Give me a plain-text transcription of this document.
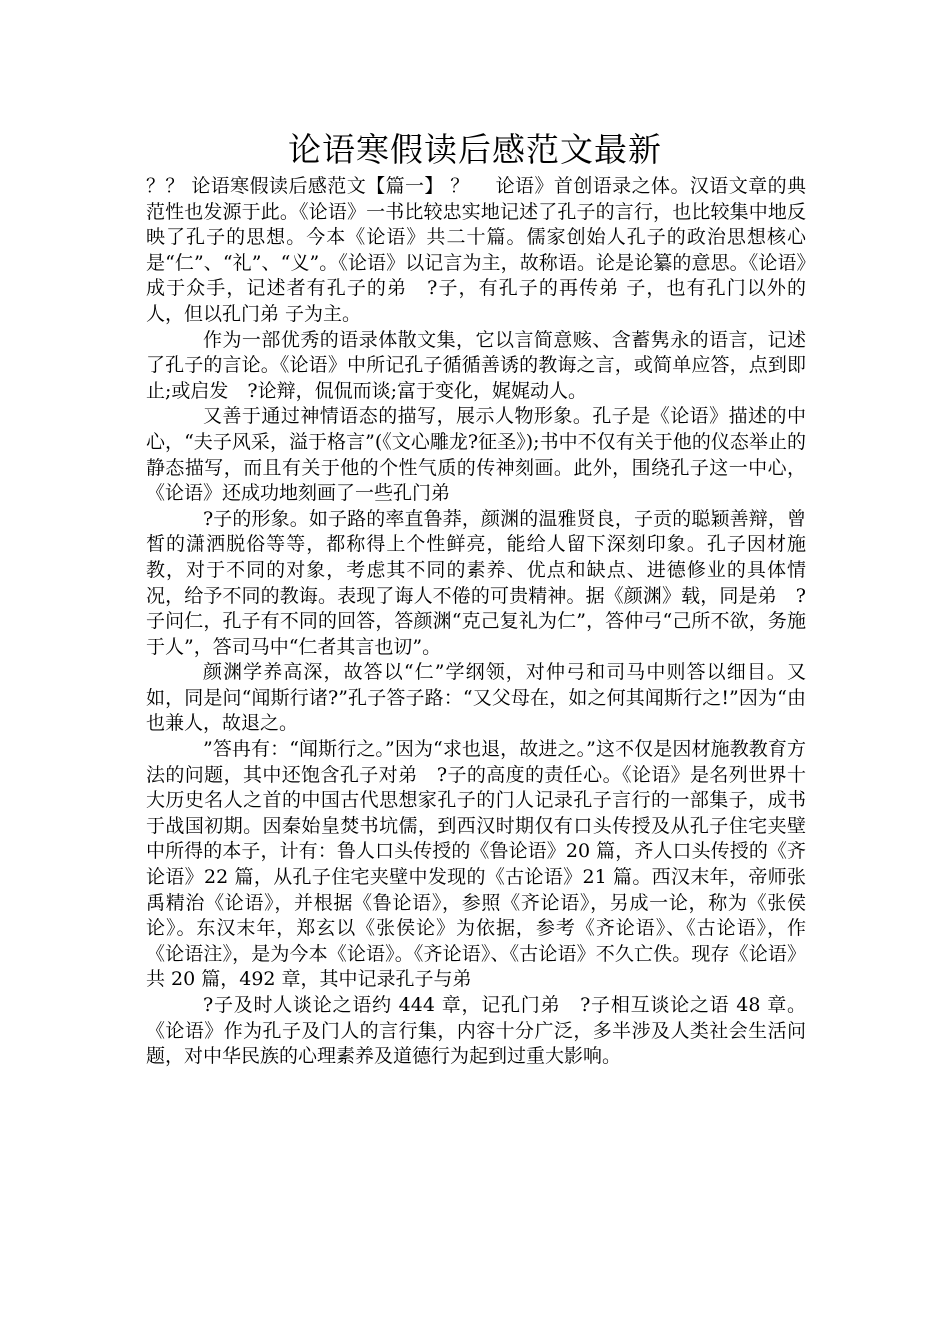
论语寒假读后感范文最新

？？ 论语寒假读后感范文【篇一】 ？　 论语》首创语录之体。汉语文章的典范性也发源于此。《论语》一书比较忠实地记述了孔子的言行，也比较集中地反映了孔子的思想。今本《论语》共二十篇。儒家创始人孔子的政治思想核心是“仁”、“礼”、“义”。《论语》以记言为主，故称语。论是论纂的意思。《论语》成于众手，记述者有孔子的弟　?子，有孔子的再传弟 子，也有孔门以外的人，但以孔门弟 子为主。

作为一部优秀的语录体散文集，它以言简意赅、含蓄隽永的语言，记述了孔子的言论。《论语》中所记孔子循循善诱的教诲之言，或简单应答，点到即止;或启发　?论辩，侃侃而谈;富于变化，娓娓动人。

又善于通过神情语态的描写，展示人物形象。孔子是《论语》描述的中心，“夫子风采，溢于格言”(《文心雕龙?征圣》);书中不仅有关于他的仪态举止的静态描写，而且有关于他的个性气质的传神刻画。此外，围绕孔子这一中心，《论语》还成功地刻画了一些孔门弟

?子的形象。如子路的率直鲁莽，颜渊的温雅贤良，子贡的聪颖善辩，曾皙的潇洒脱俗等等，都称得上个性鲜亮，能给人留下深刻印象。孔子因材施教，对于不同的对象，考虑其不同的素养、优点和缺点、进德修业的具体情况，给予不同的教诲。表现了诲人不倦的可贵精神。据《颜渊》载，同是弟　?子问仁，孔子有不同的回答，答颜渊“克己复礼为仁”，答仲弓“己所不欲，务施于人”，答司马中“仁者其言也讱”。

颜渊学养高深，故答以“仁”学纲领，对仲弓和司马中则答以细目。又如，同是问“闻斯行诸?”孔子答子路：“又父母在，如之何其闻斯行之!”因为“由也兼人，故退之。

”答冉有：“闻斯行之。”因为“求也退，故进之。”这不仅是因材施教教育方法的问题，其中还饱含孔子对弟　?子的高度的责任心。《论语》是名列世界十大历史名人之首的中国古代思想家孔子的门人记录孔子言行的一部集子，成书于战国初期。因秦始皇焚书坑儒，到西汉时期仅有口头传授及从孔子住宅夹壁中所得的本子，计有：鲁人口头传授的《鲁论语》20 篇，齐人口头传授的《齐论语》22 篇，从孔子住宅夹壁中发现的《古论语》21 篇。西汉末年，帝师张禹精治《论语》，并根据《鲁论语》，参照《齐论语》，另成一论，称为《张侯论》。东汉末年，郑玄以《张侯论》为依据，参考《齐论语》、《古论语》，作《论语注》，是为今本《论语》。《齐论语》、《古论语》不久亡佚。现存《论语》共 20 篇，492 章，其中记录孔子与弟

?子及时人谈论之语约 444 章，记孔门弟　?子相互谈论之语 48 章。《论语》作为孔子及门人的言行集，内容十分广泛，多半涉及人类社会生活问题，对中华民族的心理素养及道德行为起到过重大影响。
